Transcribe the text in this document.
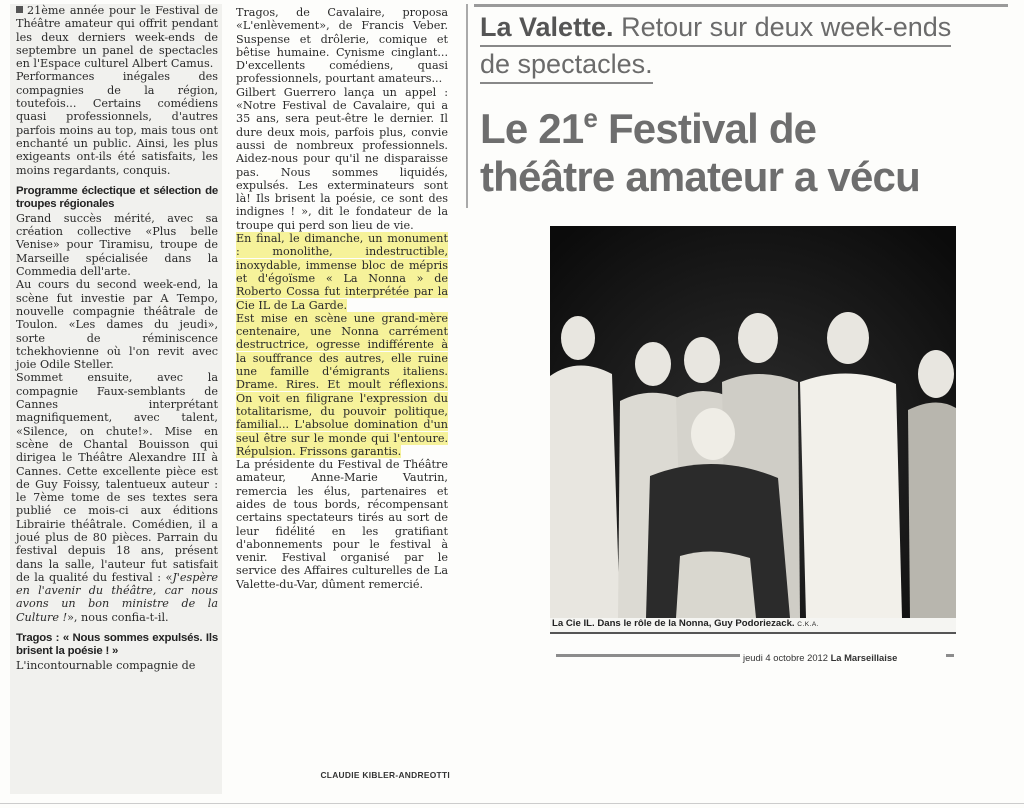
21ème année pour le Festival de Théâtre amateur qui offrit pendant les deux derniers week-ends de septembre un panel de spectacles en l'Espace culturel Albert Camus.

Performances inégales des compagnies de la région, toutefois... Certains comédiens quasi professionnels, d'autres parfois moins au top, mais tous ont enchanté un public. Ainsi, les plus exigeants ont-ils été satisfaits, les moins regardants, conquis.

Programme éclectique et sélection de troupes régionales

Grand succès mérité, avec sa création collective «Plus belle Venise» pour Tiramisu, troupe de Marseille spécialisée dans la Commedia dell'arte.

Au cours du second week-end, la scène fut investie par A Tempo, nouvelle compagnie théâtrale de Toulon. «Les dames du jeudi», sorte de réminiscence tchekhovienne où l'on revit avec joie Odile Steller.

Sommet ensuite, avec la compagnie Faux-semblants de Cannes interprétant magnifiquement, avec talent, «Silence, on chute!». Mise en scène de Chantal Bouisson qui dirigea le Théâtre Alexandre III à Cannes. Cette excellente pièce est de Guy Foissy, talentueux auteur : le 7ème tome de ses textes sera publié ce mois-ci aux éditions Librairie théâtrale. Comédien, il a joué plus de 80 pièces. Parrain du festival depuis 18 ans, présent dans la salle, l'auteur fut satisfait de la qualité du festival : «J'espère en l'avenir du théâtre, car nous avons un bon ministre de la Culture !», nous confia-t-il.

Tragos : « Nous sommes expulsés. Ils brisent la poésie ! »

L'incontournable compagnie de

Tragos, de Cavalaire, proposa «L'enlèvement», de Francis Veber. Suspense et drôlerie, comique et bêtise humaine. Cynisme cinglant... D'excellents comédiens, quasi professionnels, pourtant amateurs...

Gilbert Guerrero lança un appel : «Notre Festival de Cavalaire, qui a 35 ans, sera peut-être le dernier. Il dure deux mois, parfois plus, convie aussi de nombreux professionnels. Aidez-nous pour qu'il ne disparaisse pas. Nous sommes liquidés, expulsés. Les exterminateurs sont là! Ils brisent la poésie, ce sont des indignes ! », dit le fondateur de la troupe qui perd son lieu de vie.

En final, le dimanche, un monument : monolithe, indestructible, inoxydable, immense bloc de mépris et d'égoïsme « La Nonna » de Roberto Cossa fut interprétée par la Cie IL de La Garde.

Est mise en scène une grand-mère centenaire, une Nonna carrément destructrice, ogresse indifférente à la souffrance des autres, elle ruine une famille d'émigrants italiens. Drame. Rires. Et moult réflexions. On voit en filigrane l'expression du totalitarisme, du pouvoir politique, familial... L'absolue domination d'un seul être sur le monde qui l'entoure. Répulsion. Frissons garantis.

La présidente du Festival de Théâtre amateur, Anne-Marie Vautrin, remercia les élus, partenaires et aides de tous bords, récompensant certains spectateurs tirés au sort de leur fidélité en les gratifiant d'abonnements pour le festival à venir. Festival organisé par le service des Affaires culturelles de La Valette-du-Var, dûment remercié.

CLAUDIE KIBLER-ANDREOTTI
La Valette. Retour sur deux week-ends
de spectacles.
Le 21e Festival de
théâtre amateur a vécu
La Cie IL. Dans le rôle de la Nonna, Guy Podoriezack. C.K.A.
jeudi 4 octobre 2012 La Marseillaise
